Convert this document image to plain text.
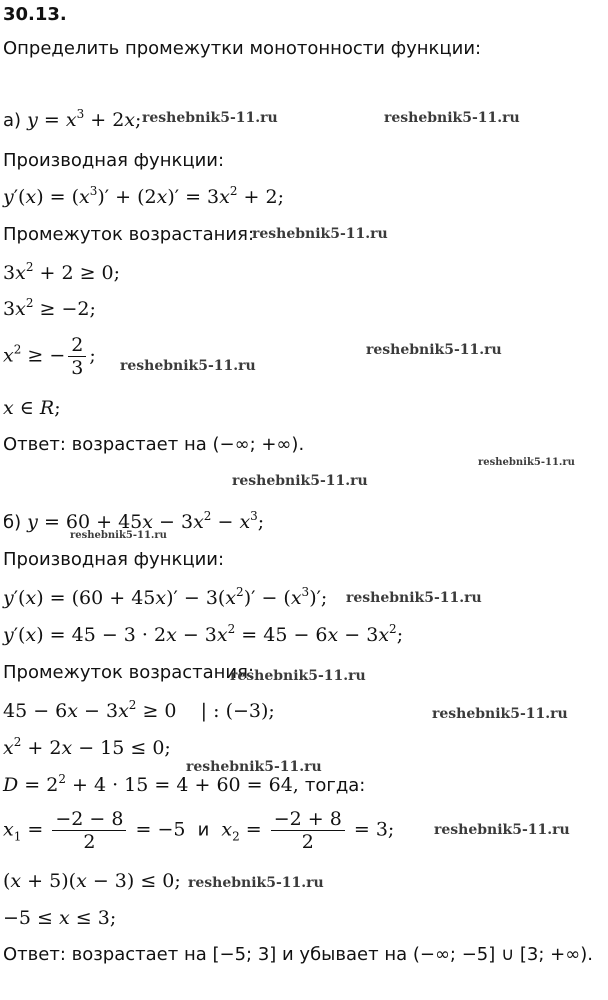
30.13.
Определить промежутки монотонности функции:
а) $y = x^3 + 2x$;
Производная функции:
$y'(x) = (x^3)' + (2x)' = 3x^2 + 2$;
Промежуток возрастания:
$3x^2 + 2 \ge 0$;
$3x^2 \ge -2$;
$x^2$ ≥ − $\frac{2}{3}$ ;
x ∈ R;
Ответ: возрастает на (−∞; +∞).
б) $y = 60 + 45x - 3x^2 - x^3$;
Производная функции:
$y'(x) = (60 + 45x)' - 3(x^2)' - (x^3)'$;
$y'(x) = 45 - 3 \cdot 2x - 3x^2 = 45 - 6x - 3x^2$;
Промежуток возрастания:
$45 - 6x - 3x^2 \ge 0$    | : (−3);
$x^2 + 2x - 15 \le 0$;
$D = 2^2 + 4 \cdot 15 = 4 + 60 = 64$, тогда:
$x_1 = \frac{-2 - 8}{2} = -5$  и $x_2 = \frac{-2 + 8}{2} = 3$;
(x + 5)(x − 3) ≤ 0;
−5 ≤ x ≤ 3;
Ответ: возрастает на [−5; 3] и убывает на (−∞; −5] ∪ [3; +∞).
reshebnik5-11.ru	reshebnik5-11.ru
reshebnik5-11.ru
reshebnik5-11.ru
reshebnik5-11.ru
reshebnik5-11.ru
reshebnik5-11.ru
reshebnik5-11.ru
reshebnik5-11.ru
reshebnik5-11.ru
reshebnik5-11.ru
reshebnik5-11.ru
reshebnik5-11.ru
reshebnik5-11.ru
